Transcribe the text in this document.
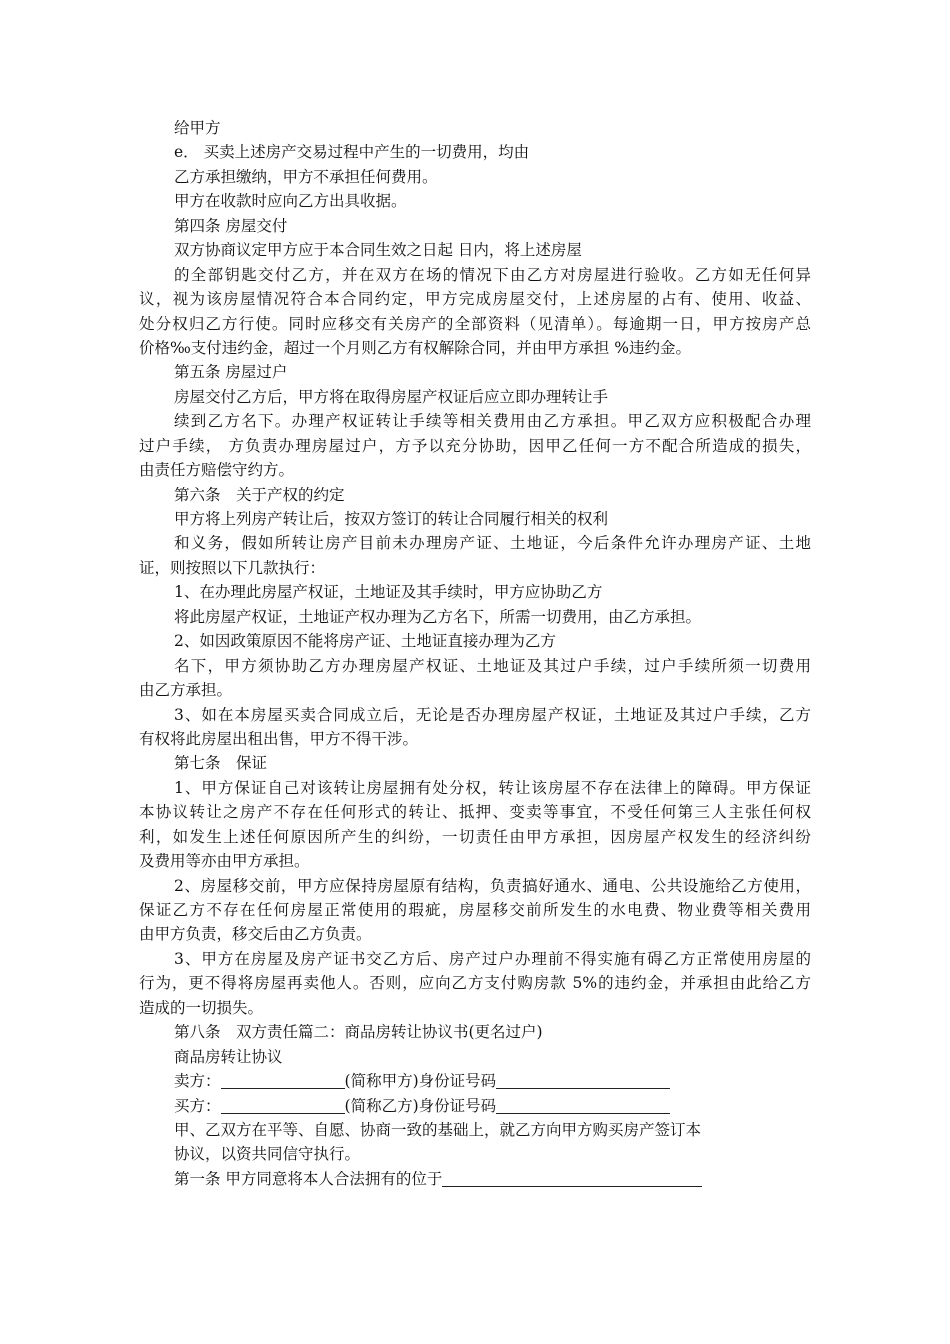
给甲方
e． 买卖上述房产交易过程中产生的一切费用，均由
乙方承担缴纳，甲方不承担任何费用。
甲方在收款时应向乙方出具收据。
第四条 房屋交付
双方协商议定甲方应于本合同生效之日起 日内，将上述房屋
的全部钥匙交付乙方，并在双方在场的情况下由乙方对房屋进行验收。乙方如无任何异
议，视为该房屋情况符合本合同约定，甲方完成房屋交付，上述房屋的占有、使用、收益、
处分权归乙方行使。同时应移交有关房产的全部资料（见清单）。每逾期一日，甲方按房产总
价格‰支付违约金，超过一个月则乙方有权解除合同，并由甲方承担 %违约金。
第五条 房屋过户
房屋交付乙方后，甲方将在取得房屋产权证后应立即办理转让手
续到乙方名下。办理产权证转让手续等相关费用由乙方承担。甲乙双方应积极配合办理
过户手续， 方负责办理房屋过户，方予以充分协助，因甲乙任何一方不配合所造成的损失，
由责任方赔偿守约方。
第六条　关于产权的约定
甲方将上列房产转让后，按双方签订的转让合同履行相关的权利
和义务，假如所转让房产目前未办理房产证、土地证，今后条件允许办理房产证、土地
证，则按照以下几款执行：
1、在办理此房屋产权证，土地证及其手续时，甲方应协助乙方
将此房屋产权证，土地证产权办理为乙方名下，所需一切费用，由乙方承担。
2、如因政策原因不能将房产证、土地证直接办理为乙方
名下，甲方须协助乙方办理房屋产权证、土地证及其过户手续，过户手续所须一切费用
由乙方承担。
3、如在本房屋买卖合同成立后，无论是否办理房屋产权证，土地证及其过户手续，乙方
有权将此房屋出租出售，甲方不得干涉。
第七条　保证
1、甲方保证自己对该转让房屋拥有处分权，转让该房屋不存在法律上的障碍。甲方保证
本协议转让之房产不存在任何形式的转让、抵押、变卖等事宜，不受任何第三人主张任何权
利，如发生上述任何原因所产生的纠纷，一切责任由甲方承担，因房屋产权发生的经济纠纷
及费用等亦由甲方承担。
2、房屋移交前，甲方应保持房屋原有结构，负责搞好通水、通电、公共设施给乙方使用，
保证乙方不存在任何房屋正常使用的瑕疵，房屋移交前所发生的水电费、物业费等相关费用
由甲方负责，移交后由乙方负责。
3、甲方在房屋及房产证书交乙方后、房产过户办理前不得实施有碍乙方正常使用房屋的
行为，更不得将房屋再卖他人。否则，应向乙方支付购房款 5%的违约金，并承担由此给乙方
造成的一切损失。
第八条　双方责任篇二：商品房转让协议书(更名过户)
商品房转让协议
卖方：	(简称甲方)身份证号码
买方：	(简称乙方)身份证号码
甲、乙双方在平等、自愿、协商一致的基础上，就乙方向甲方购买房产签订本
协议，以资共同信守执行。
第一条 甲方同意将本人合法拥有的位于
